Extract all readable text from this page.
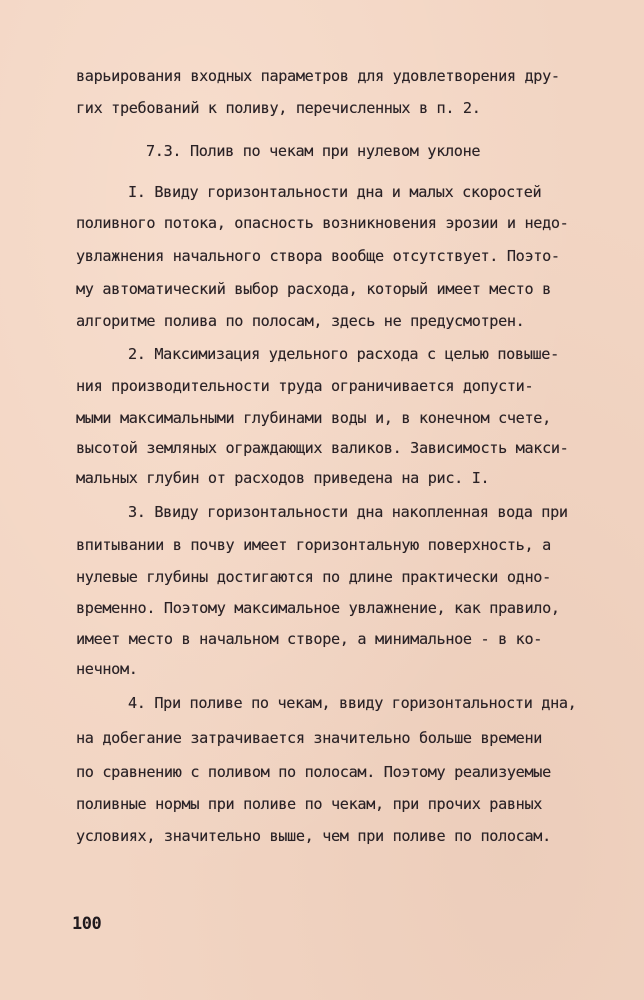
варьирования входных параметров для удовлетворения дру-
гих требований к поливу, перечисленных в п. 2.
7.3. Полив по чекам при нулевом уклоне
I. Ввиду горизонтальности дна и малых скоростей
поливного потока, опасность возникновения эрозии и недо-
увлажнения начального створа вообще отсутствует. Поэто-
му автоматический выбор расхода, который имеет место в
алгоритме полива по полосам, здесь не предусмотрен.
2. Максимизация удельного расхода с целью повыше-
ния производительности труда ограничивается допусти-
мыми максимальными глубинами воды и, в конечном счете,
высотой земляных ограждающих валиков. Зависимость макси-
мальных глубин от расходов приведена на рис. I.
3. Ввиду горизонтальности дна накопленная вода при
впитывании в почву имеет горизонтальную поверхность, а
нулевые глубины достигаются по длине практически одно-
временно. Поэтому максимальное увлажнение, как правило,
имеет место в начальном створе, а минимальное - в ко-
нечном.
4. При поливе по чекам, ввиду горизонтальности дна,
на добегание затрачивается значительно больше времени
по сравнению с поливом по полосам. Поэтому реализуемые
поливные нормы при поливе по чекам, при прочих равных
условиях, значительно выше, чем при поливе по полосам.
100
